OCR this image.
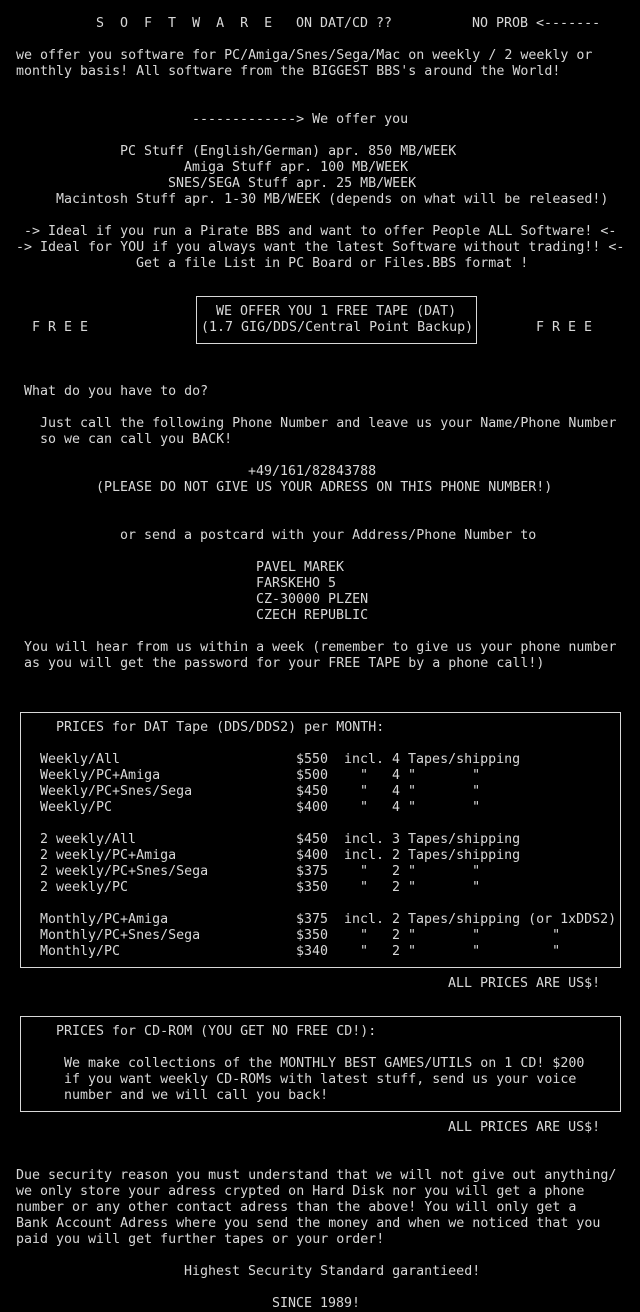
S  O  F  T  W  A  R  E ON DAT/CD ??	NO PROB <-------
we offer you software for PC/Amiga/Snes/Sega/Mac on weekly / 2 weekly or
monthly basis! All software from the BIGGEST BBS's around the World!
-------------> We offer you
PC Stuff (English/German) apr. 850 MB/WEEK
Amiga Stuff apr. 100 MB/WEEK
SNES/SEGA Stuff apr. 25 MB/WEEK
Macintosh Stuff apr. 1-30 MB/WEEK (depends on what will be released!)
-> Ideal if you run a Pirate BBS and want to offer People ALL Software! <-
-> Ideal for YOU if you always want the latest Software without trading!! <-
Get a file List in PC Board or Files.BBS format !
F R E E
WE OFFER YOU 1 FREE TAPE (DAT)
(1.7 GIG/DDS/Central Point Backup)	F R E E
What do you have to do?
Just call the following Phone Number and leave us your Name/Phone Number
so we can call you BACK!
+49/161/82843788
(PLEASE DO NOT GIVE US YOUR ADRESS ON THIS PHONE NUMBER!)
or send a postcard with your Address/Phone Number to
PAVEL MAREK
FARSKEHO 5
CZ-30000 PLZEN
CZECH REPUBLIC
You will hear from us within a week (remember to give us your phone number
as you will get the password for your FREE TAPE by a phone call!)
PRICES for DAT Tape (DDS/DDS2) per MONTH:
Weekly/All	$550 incl. 4 Tapes/shipping
Weekly/PC+Amiga	$500 "   4 "       "
Weekly/PC+Snes/Sega	$450 "   4 "       "
Weekly/PC	$400 "   4 "       "
2 weekly/All	$450 incl. 3 Tapes/shipping
2 weekly/PC+Amiga	$400 incl. 2 Tapes/shipping
2 weekly/PC+Snes/Sega	$375 "   2 "       "
2 weekly/PC	$350 "   2 "       "
Monthly/PC+Amiga	$375 incl. 2 Tapes/shipping (or 1xDDS2)
Monthly/PC+Snes/Sega	$350 "   2 "       "         "
Monthly/PC	$340 "   2 "       "         "
ALL PRICES ARE US$!
PRICES for CD-ROM (YOU GET NO FREE CD!):
We make collections of the MONTHLY BEST GAMES/UTILS on 1 CD! $200
if you want weekly CD-ROMs with latest stuff, send us your voice
number and we will call you back!
ALL PRICES ARE US$!
Due security reason you must understand that we will not give out anything/
we only store your adress crypted on Hard Disk nor you will get a phone
number or any other contact adress than the above! You will only get a
Bank Account Adress where you send the money and when we noticed that you
paid you will get further tapes or your order!
Highest Security Standard garantieed!
SINCE 1989!
